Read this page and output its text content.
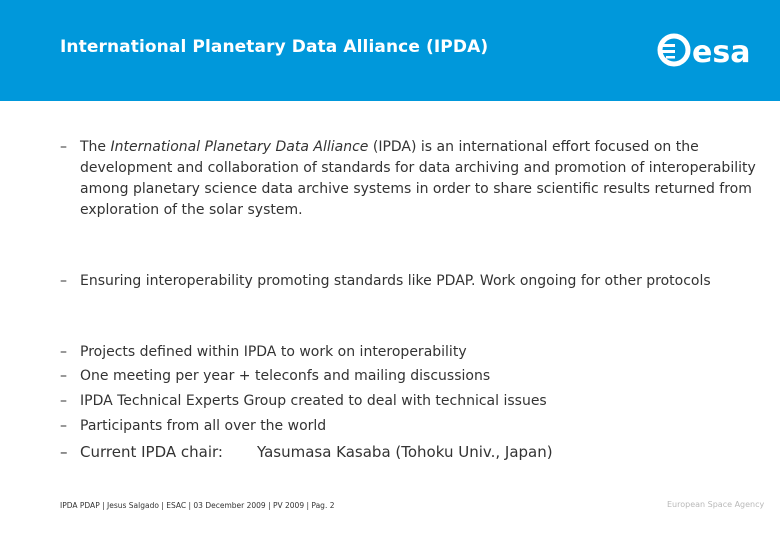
International Planetary Data Alliance (IPDA)	esa
– The International Planetary Data Alliance (IPDA) is an international effort focused on the development and collaboration of standards for data archiving and promotion of interoperability among planetary science data archive systems in order to share scientific results returned from exploration of the solar system.
– Ensuring interoperability promoting standards like PDAP. Work ongoing for other protocols
– Projects defined within IPDA to work on interoperability
– One meeting per year + teleconfs and mailing discussions
– IPDA Technical Experts Group created to deal with technical issues
– Participants from all over the world
– Current IPDA chair: Yasumasa Kasaba (Tohoku Univ., Japan)
IPDA PDAP | Jesus Salgado | ESAC | 03 December 2009 | PV 2009 | Pag. 2	European Space Agency
